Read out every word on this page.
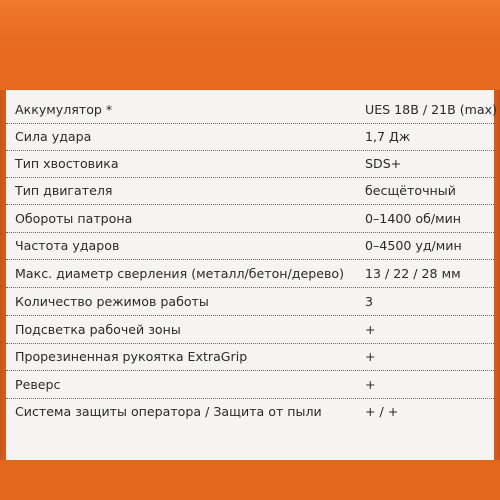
Аккумулятор *	UES 18В / 21В (max)
Сила удара	1,7 Дж
Тип хвостовика	SDS+
Тип двигателя	бесщёточный
Обороты патрона	0–1400 об/мин
Частота ударов	0–4500 уд/мин
Макс. диаметр сверления (металл/бетон/дерево) 13 / 22 / 28 мм
Количество режимов работы	3
Подсветка рабочей зоны	+
Прорезиненная рукоятка ExtraGrip	+
Реверс	+
Система защиты оператора / Защита от пыли	+ / +
